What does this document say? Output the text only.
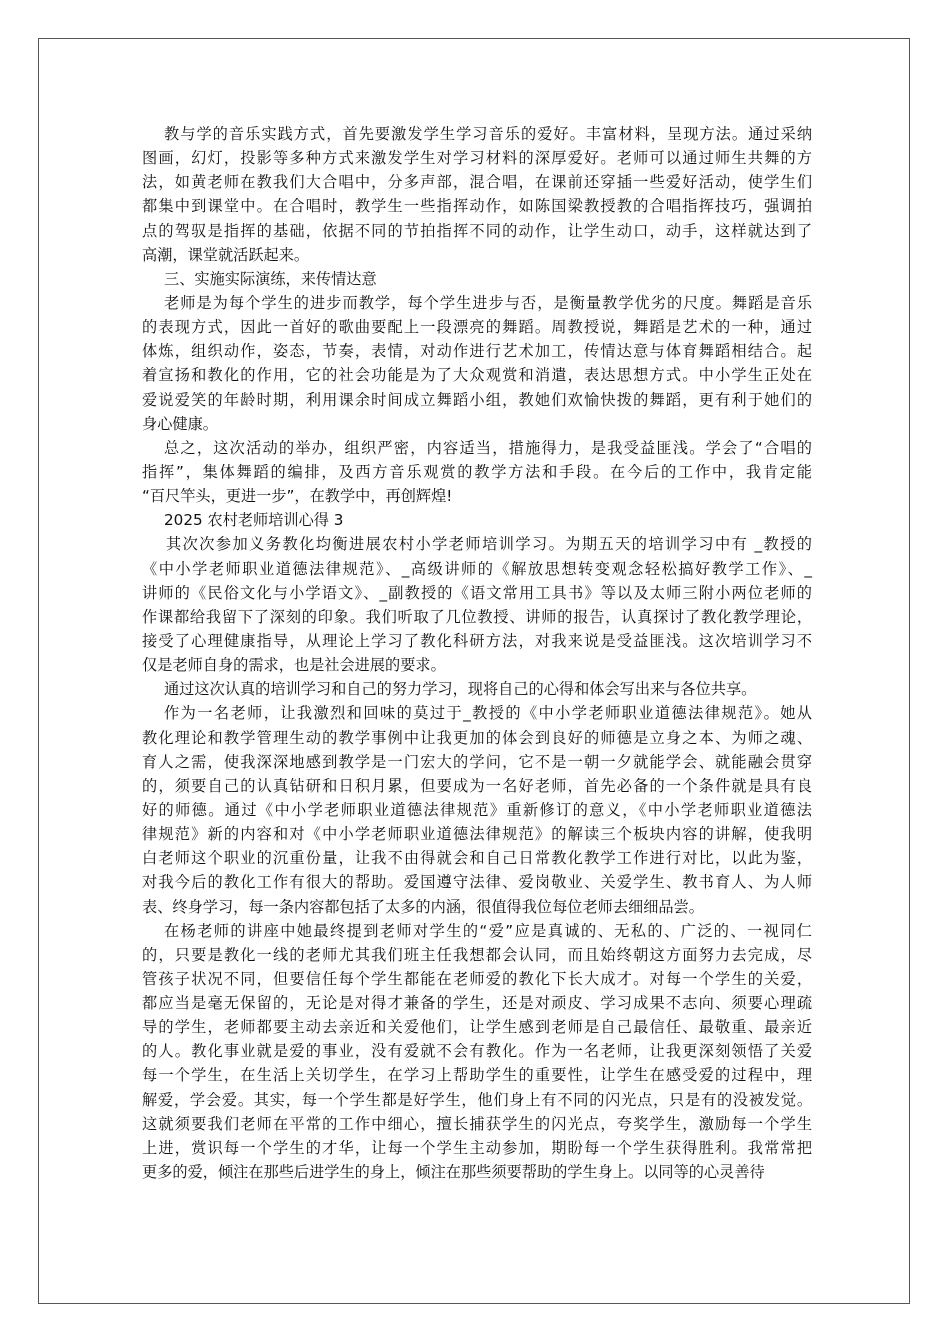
教与学的音乐实践方式，首先要激发学生学习音乐的爱好。丰富材料，呈现方法。通过采纳
图画，幻灯，投影等多种方式来激发学生对学习材料的深厚爱好。老师可以通过师生共舞的方
法，如黄老师在教我们大合唱中，分多声部，混合唱，在课前还穿插一些爱好活动，使学生们
都集中到课堂中。在合唱时，教学生一些指挥动作，如陈国梁教授教的合唱指挥技巧，强调拍
点的驾驭是指挥的基础，依据不同的节拍指挥不同的动作，让学生动口，动手，这样就达到了
高潮，课堂就活跃起来。
三、实施实际演练，来传情达意
老师是为每个学生的进步而教学，每个学生进步与否，是衡量教学优劣的尺度。舞蹈是音乐
的表现方式，因此一首好的歌曲要配上一段漂亮的舞蹈。周教授说，舞蹈是艺术的一种，通过
体炼，组织动作，姿态，节奏，表情，对动作进行艺术加工，传情达意与体育舞蹈相结合。起
着宣扬和教化的作用，它的社会功能是为了大众观赏和消遣，表达思想方式。中小学生正处在
爱说爱笑的年龄时期，利用课余时间成立舞蹈小组，教她们欢愉快拨的舞蹈，更有利于她们的
身心健康。
总之，这次活动的举办，组织严密，内容适当，措施得力，是我受益匪浅。学会了“合唱的
指挥”，集体舞蹈的编排，及西方音乐观赏的教学方法和手段。在今后的工作中，我肯定能
“百尺竿头，更进一步”，在教学中，再创辉煌!
2025 农村老师培训心得 3
其次次参加义务教化均衡进展农村小学老师培训学习。为期五天的培训学习中有 _教授的
《中小学老师职业道德法律规范》、_高级讲师的《解放思想转变观念轻松搞好教学工作》、_
讲师的《民俗文化与小学语文》、_副教授的《语文常用工具书》等以及太师三附小两位老师的
作课都给我留下了深刻的印象。我们听取了几位教授、讲师的报告，认真探讨了教化教学理论，
接受了心理健康指导，从理论上学习了教化科研方法，对我来说是受益匪浅。这次培训学习不
仅是老师自身的需求，也是社会进展的要求。
通过这次认真的培训学习和自己的努力学习，现将自己的心得和体会写出来与各位共享。
作为一名老师，让我激烈和回味的莫过于_教授的《中小学老师职业道德法律规范》。她从
教化理论和教学管理生动的教学事例中让我更加的体会到良好的师德是立身之本、为师之魂、
育人之需，使我深深地感到教学是一门宏大的学问，它不是一朝一夕就能学会、就能融会贯穿
的，须要自己的认真钻研和日积月累，但要成为一名好老师，首先必备的一个条件就是具有良
好的师德。通过《中小学老师职业道德法律规范》重新修订的意义，《中小学老师职业道德法
律规范》新的内容和对《中小学老师职业道德法律规范》的解读三个板块内容的讲解，使我明
白老师这个职业的沉重份量，让我不由得就会和自己日常教化教学工作进行对比，以此为鉴，
对我今后的教化工作有很大的帮助。爱国遵守法律、爱岗敬业、关爱学生、教书育人、为人师
表、终身学习，每一条内容都包括了太多的内涵，很值得我位每位老师去细细品尝。
在杨老师的讲座中她最终提到老师对学生的“爱”应是真诚的、无私的、广泛的、一视同仁
的，只要是教化一线的老师尤其我们班主任我想都会认同，而且始终朝这方面努力去完成，尽
管孩子状况不同，但要信任每个学生都能在老师爱的教化下长大成才。对每一个学生的关爱，
都应当是毫无保留的，无论是对得才兼备的学生，还是对顽皮、学习成果不志向、须要心理疏
导的学生，老师都要主动去亲近和关爱他们，让学生感到老师是自己最信任、最敬重、最亲近
的人。教化事业就是爱的事业，没有爱就不会有教化。作为一名老师，让我更深刻领悟了关爱
每一个学生，在生活上关切学生，在学习上帮助学生的重要性，让学生在感受爱的过程中，理
解爱，学会爱。其实，每一个学生都是好学生，他们身上有不同的闪光点，只是有的没被发觉。
这就须要我们老师在平常的工作中细心，擅长捕获学生的闪光点，夸奖学生，激励每一个学生
上进，赏识每一个学生的才华，让每一个学生主动参加，期盼每一个学生获得胜利。我常常把
更多的爱，倾注在那些后进学生的身上，倾注在那些须要帮助的学生身上。以同等的心灵善待
